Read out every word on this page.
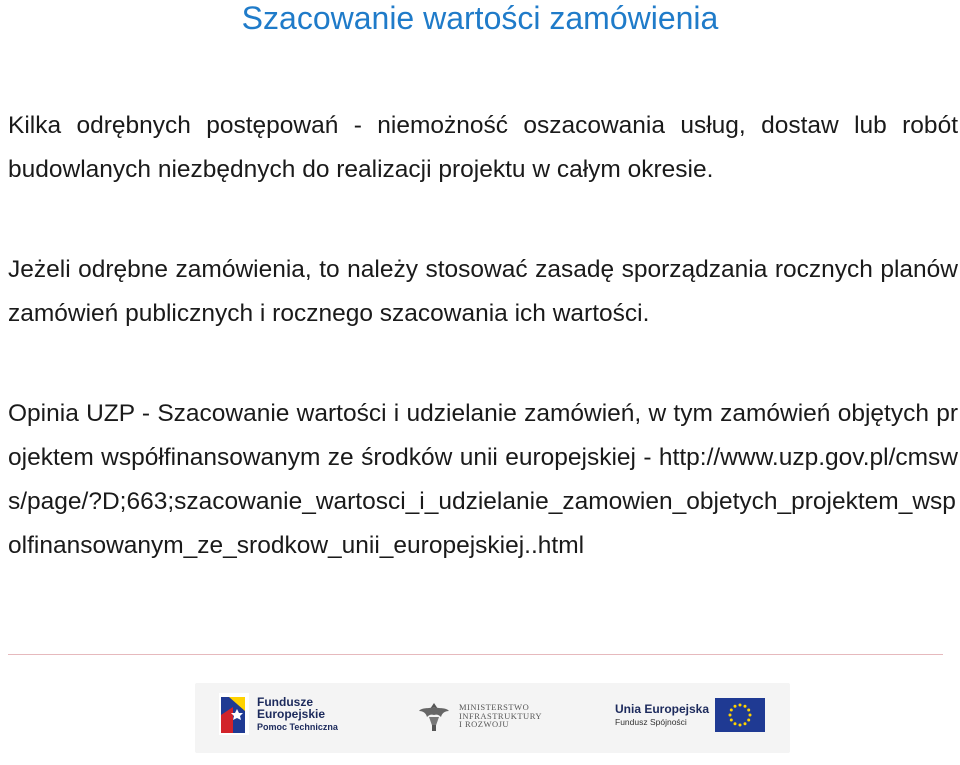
Szacowanie wartości zamówienia

Kilka odrębnych postępowań - niemożność oszacowania usług, dostaw lub robót budowlanych niezbędnych do realizacji projektu w całym okresie.

Jeżeli odrębne zamówienia, to należy stosować zasadę sporządzania rocznych planów zamówień publicznych i rocznego szacowania ich wartości.

Opinia UZP - Szacowanie wartości i udzielanie zamówień, w tym zamówień objętych projektem współfinansowanym ze środków unii europejskiej - http://www.uzp.gov.pl/cmsws/page/?D;663;szacowanie_wartosci_i_udzielanie_zamowien_objetych_projektem_wspolfinansowanym_ze_srodkow_unii_europejskiej..html

Fundusze
Europejskie
Pomoc Techniczna
MINISTERSTWO
INFRASTRUKTURY
I ROZWOJU
Unia Europejska
Fundusz Spójności
